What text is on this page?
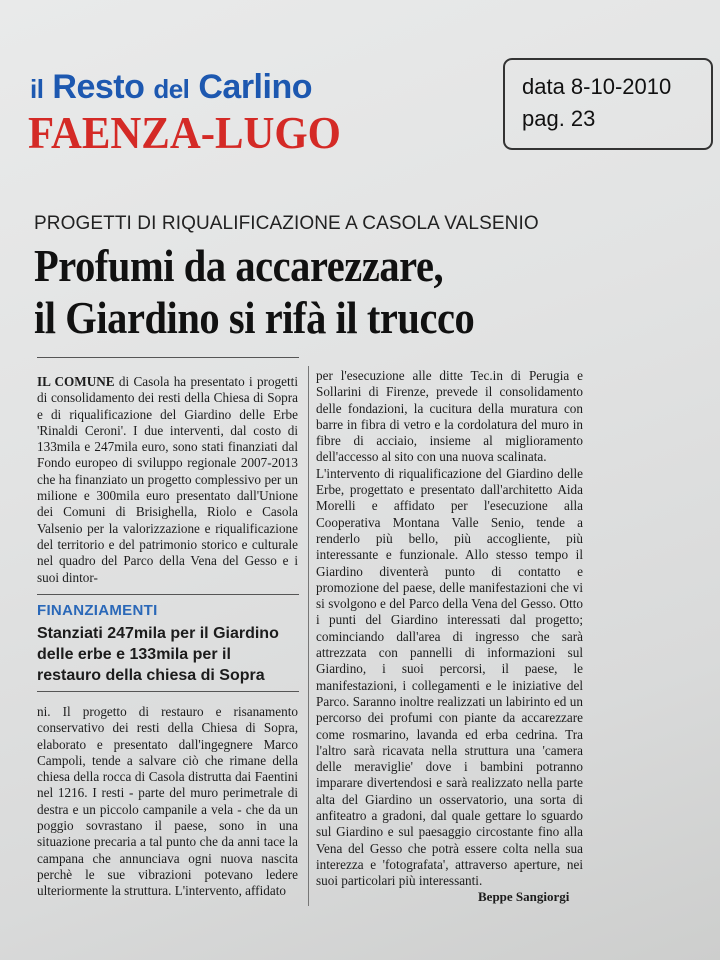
il Resto del Carlino
FAENZA-LUGO
data 8-10-2010
pag. 23
PROGETTI DI RIQUALIFICAZIONE A CASOLA VALSENIO
Profumi da accarezzare,
il Giardino si rifà il trucco

IL COMUNE di Casola ha presentato i progetti di consolidamento dei resti della Chiesa di Sopra e di riqualificazione del Giardino delle Erbe 'Rinaldi Ceroni'. I due interventi, dal costo di 133mila e 247mila euro, sono stati finanziati dal Fondo europeo di sviluppo regionale 2007-2013 che ha finanziato un progetto complessivo per un milione e 300mila euro presentato dall'Unione dei Comuni di Brisighella, Riolo e Casola Valsenio per la valorizzazione e riqualificazione del territorio e del patrimonio storico e culturale nel quadro del Parco della Vena del Gesso e i suoi dintor-

FINANZIAMENTI
Stanziati 247mila per il Giardino delle erbe e 133mila per il restauro della chiesa di Sopra

ni. Il progetto di restauro e risanamento conservativo dei resti della Chiesa di Sopra, elaborato e presentato dall'ingegnere Marco Campoli, tende a salvare ciò che rimane della chiesa della rocca di Casola distrutta dai Faentini nel 1216. I resti - parte del muro perimetrale di destra e un piccolo campanile a vela - che da un poggio sovrastano il paese, sono in una situazione precaria a tal punto che da anni tace la campana che annunciava ogni nuova nascita perchè le sue vibrazioni potevano ledere ulteriormente la struttura. L'intervento, affidato

per l'esecuzione alle ditte Tec.in di Perugia e Sollarini di Firenze, prevede il consolidamento delle fondazioni, la cucitura della muratura con barre in fibra di vetro e la cordolatura del muro in fibre di acciaio, insieme al miglioramento dell'accesso al sito con una nuova scalinata.

L'intervento di riqualificazione del Giardino delle Erbe, progettato e presentato dall'architetto Aida Morelli e affidato per l'esecuzione alla Cooperativa Montana Valle Senio, tende a renderlo più bello, più accogliente, più interessante e funzionale. Allo stesso tempo il Giardino diventerà punto di contatto e promozione del paese, delle manifestazioni che vi si svolgono e del Parco della Vena del Gesso. Otto i punti del Giardino interessati dal progetto; cominciando dall'area di ingresso che sarà attrezzata con pannelli di informazioni sul Giardino, i suoi percorsi, il paese, le manifestazioni, i collegamenti e le iniziative del Parco. Saranno inoltre realizzati un labirinto ed un percorso dei profumi con piante da accarezzare come rosmarino, lavanda ed erba cedrina. Tra l'altro sarà ricavata nella struttura una 'camera delle meraviglie' dove i bambini potranno imparare divertendosi e sarà realizzato nella parte alta del Giardino un osservatorio, una sorta di anfiteatro a gradoni, dal quale gettare lo sguardo sul Giardino e sul paesaggio circostante fino alla Vena del Gesso che potrà essere colta nella sua interezza e 'fotografata', attraverso aperture, nei suoi particolari più interessanti.

Beppe Sangiorgi
